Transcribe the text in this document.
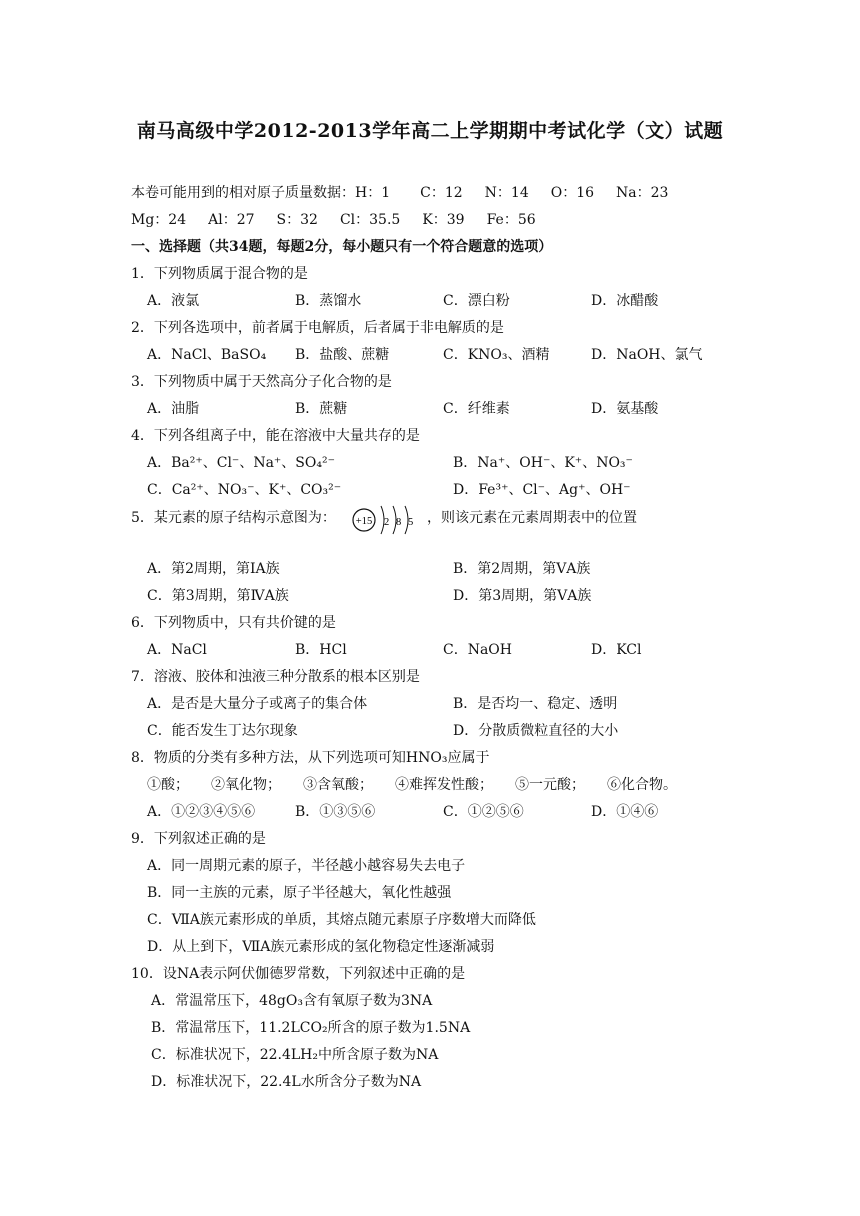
南马高级中学2012-2013学年高二上学期期中考试化学（文）试题
本卷可能用到的相对原子质量数据：H：1 C：12 N：14 O：16 Na：23
Mg：24 Al：27 S：32 Cl：35.5 K：39 Fe：56
一、选择题（共34题，每题2分，每小题只有一个符合题意的选项）
1．下列物质属于混合物的是
A．液氯	B．蒸馏水	C．漂白粉	D．冰醋酸
2．下列各选项中，前者属于电解质，后者属于非电解质的是
A．NaCl、BaSO₄ B．盐酸、蔗糖	C．KNO₃、酒精	D．NaOH、氯气
3．下列物质中属于天然高分子化合物的是
A．油脂	B．蔗糖	C．纤维素	D．氨基酸
4．下列各组离子中，能在溶液中大量共存的是
A．Ba²⁺、Cl⁻、Na⁺、SO₄²⁻	B．Na⁺、OH⁻、K⁺、NO₃⁻
C．Ca²⁺、NO₃⁻、K⁺、CO₃²⁻	D．Fe³⁺、Cl⁻、Ag⁺、OH⁻
5．某元素的原子结构示意图为： +15 2 8 5 ，则该元素在元素周期表中的位置
A．第2周期，第ⅠA族	B．第2周期，第ⅤA族
C．第3周期，第ⅣA族	D．第3周期，第ⅤA族
6．下列物质中，只有共价键的是
A．NaCl	B．HCl	C．NaOH	D．KCl
7．溶液、胶体和浊液三种分散系的根本区别是
A．是否是大量分子或离子的集合体	B．是否均一、稳定、透明
C．能否发生丁达尔现象	D．分散质微粒直径的大小
8．物质的分类有多种方法，从下列选项可知HNO₃应属于
①酸； ②氧化物； ③含氧酸； ④难挥发性酸； ⑤一元酸； ⑥化合物。
A．①②③④⑤⑥	B．①③⑤⑥	C．①②⑤⑥	D．①④⑥
9．下列叙述正确的是
A．同一周期元素的原子，半径越小越容易失去电子
B．同一主族的元素，原子半径越大，氧化性越强
C．ⅦA族元素形成的单质，其熔点随元素原子序数增大而降低
D．从上到下，ⅦA族元素形成的氢化物稳定性逐渐减弱
10．设NA表示阿伏伽德罗常数，下列叙述中正确的是
A．常温常压下，48gO₃含有氧原子数为3NA
B．常温常压下，11.2LCO₂所含的原子数为1.5NA
C．标准状况下，22.4LH₂中所含原子数为NA
D．标准状况下，22.4L水所含分子数为NA
